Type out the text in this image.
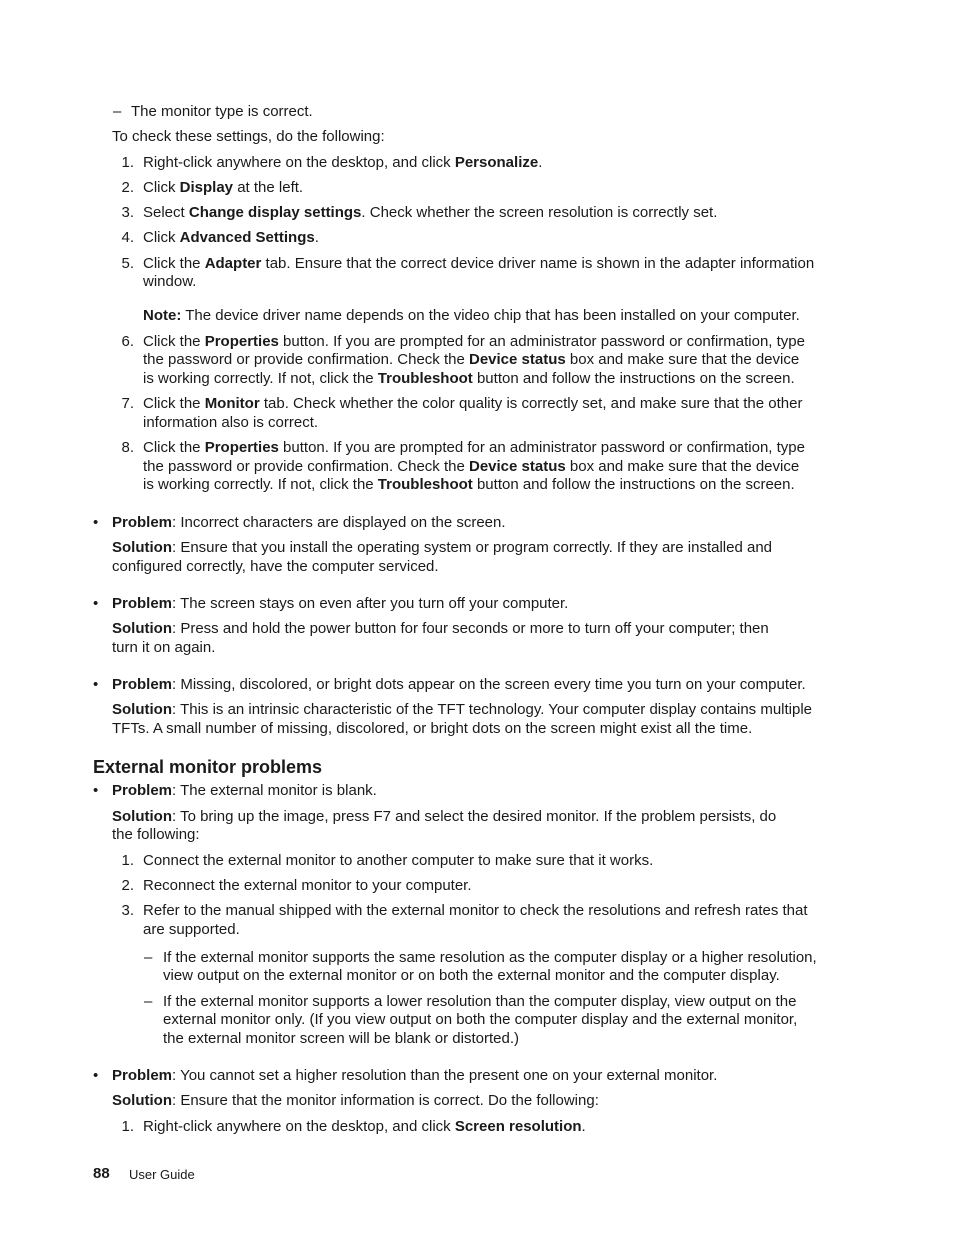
– The monitor type is correct.
To check these settings, do the following:
1. Right-click anywhere on the desktop, and click Personalize.
2. Click Display at the left.
3. Select Change display settings. Check whether the screen resolution is correctly set.
4. Click Advanced Settings.
5. Click the Adapter tab. Ensure that the correct device driver name is shown in the adapter information
window.
Note: The device driver name depends on the video chip that has been installed on your computer.
6. Click the Properties button. If you are prompted for an administrator password or confirmation, type
the password or provide confirmation. Check the Device status box and make sure that the device
is working correctly. If not, click the Troubleshoot button and follow the instructions on the screen.
7. Click the Monitor tab. Check whether the color quality is correctly set, and make sure that the other
information also is correct.
8. Click the Properties button. If you are prompted for an administrator password or confirmation, type
the password or provide confirmation. Check the Device status box and make sure that the device
is working correctly. If not, click the Troubleshoot button and follow the instructions on the screen.
• Problem: Incorrect characters are displayed on the screen.
Solution: Ensure that you install the operating system or program correctly. If they are installed and
configured correctly, have the computer serviced.
• Problem: The screen stays on even after you turn off your computer.
Solution: Press and hold the power button for four seconds or more to turn off your computer; then
turn it on again.
• Problem: Missing, discolored, or bright dots appear on the screen every time you turn on your computer.
Solution: This is an intrinsic characteristic of the TFT technology. Your computer display contains multiple
TFTs. A small number of missing, discolored, or bright dots on the screen might exist all the time.
External monitor problems
• Problem: The external monitor is blank.
Solution: To bring up the image, press F7 and select the desired monitor. If the problem persists, do
the following:
1. Connect the external monitor to another computer to make sure that it works.
2. Reconnect the external monitor to your computer.
3. Refer to the manual shipped with the external monitor to check the resolutions and refresh rates that
are supported.
– If the external monitor supports the same resolution as the computer display or a higher resolution,
view output on the external monitor or on both the external monitor and the computer display.
– If the external monitor supports a lower resolution than the computer display, view output on the
external monitor only. (If you view output on both the computer display and the external monitor,
the external monitor screen will be blank or distorted.)
• Problem: You cannot set a higher resolution than the present one on your external monitor.
Solution: Ensure that the monitor information is correct. Do the following:
1. Right-click anywhere on the desktop, and click Screen resolution.
88 User Guide
